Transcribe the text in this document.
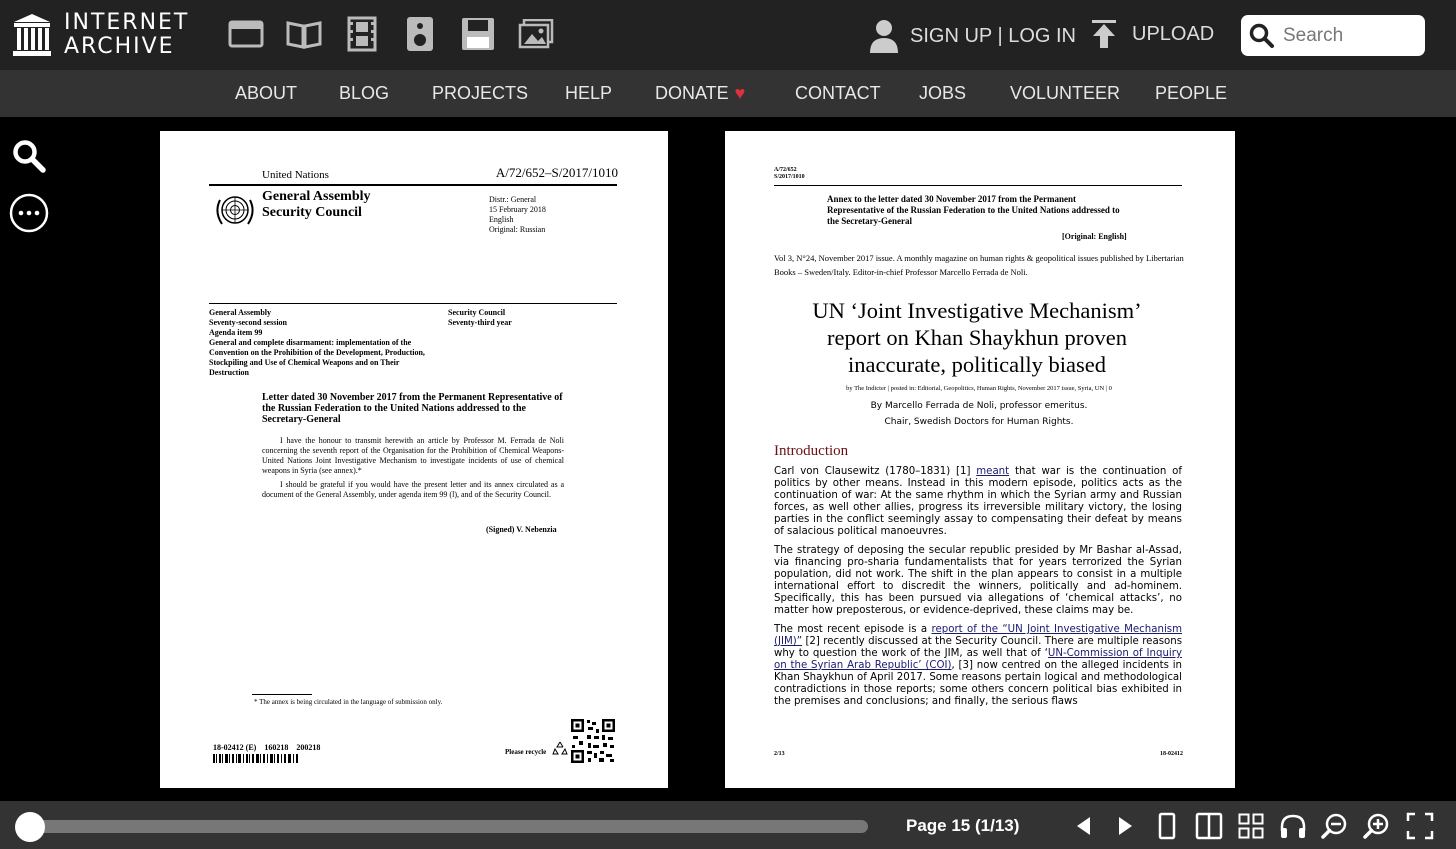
INTERNET
ARCHIVE	SIGN UP | LOG IN	UPLOAD
Search
ABOUT BLOG PROJECTS HELP DONATE ♥	CONTACT JOBS VOLUNTEER PEOPLE
United Nations	A/72/652–S/2017/1010
General Assembly
Security Council
Distr.: General
15 February 2018
English
Original: Russian
General Assembly
Seventy-second session
Agenda item 99
General and complete disarmament: implementation of the Convention on the Prohibition of the Development, Production, Stockpiling and Use of Chemical Weapons and on Their Destruction
Security Council
Seventy-third year
Letter dated 30 November 2017 from the Permanent Representative of the Russian Federation to the United Nations addressed to the Secretary-General
I have the honour to transmit herewith an article by Professor M. Ferrada de Noli concerning the seventh report of the Organisation for the Prohibition of Chemical Weapons-United Nations Joint Investigative Mechanism to investigate incidents of use of chemical weapons in Syria (see annex).*
I should be grateful if you would have the present letter and its annex circulated as a document of the General Assembly, under agenda item 99 (l), and of the Security Council.
(Signed) V. Nebenzia
* The annex is being circulated in the language of submission only.
18-02412 (E)    160218    200218	Please recycle
A/72/652
S/2017/1010
Annex to the letter dated 30 November 2017 from the Permanent Representative of the Russian Federation to the United Nations addressed to the Secretary-General
[Original: English]
Vol 3, N°24, November 2017 issue. A monthly magazine on human rights & geopolitical issues published by Libertarian Books – Sweden/Italy. Editor-in-chief Professor Marcello Ferrada de Noli.
UN ‘Joint Investigative Mechanism’ report on Khan Shaykhun proven inaccurate, politically biased
by The Indicter | posted in: Editorial, Geopolitics, Human Rights, November 2017 issue, Syria, UN | 0
By Marcello Ferrada de Noli, professor emeritus.
Chair, Swedish Doctors for Human Rights.
Introduction
Carl von Clausewitz (1780–1831) [1] meant that war is the continuation of politics by other means. Instead in this modern episode, politics acts as the continuation of war: At the same rhythm in which the Syrian army and Russian forces, as well other allies, progress its irreversible military victory, the losing parties in the conflict seemingly assay to compensating their defeat by means of salacious political manoeuvres.
The strategy of deposing the secular republic presided by Mr Bashar al-Assad, via financing pro-sharia fundamentalists that for years terrorized the Syrian population, did not work. The shift in the plan appears to consist in a multiple international effort to discredit the winners, politically and ad-hominem. Specifically, this has been pursued via allegations of ‘chemical attacks’, no matter how preposterous, or evidence-deprived, these claims may be.
The most recent episode is a report of the “UN Joint Investigative Mechanism (JIM)” [2] recently discussed at the Security Council. There are multiple reasons why to question the work of the JIM, as well that of ‘UN-Commission of Inquiry on the Syrian Arab Republic’ (COI), [3] now centred on the alleged incidents in Khan Shaykhun of April 2017. Some reasons pertain logical and methodological contradictions in those reports; some others concern political bias exhibited in the premises and conclusions; and finally, the serious flaws
2/13	18-02412
Page 15 (1/13)
